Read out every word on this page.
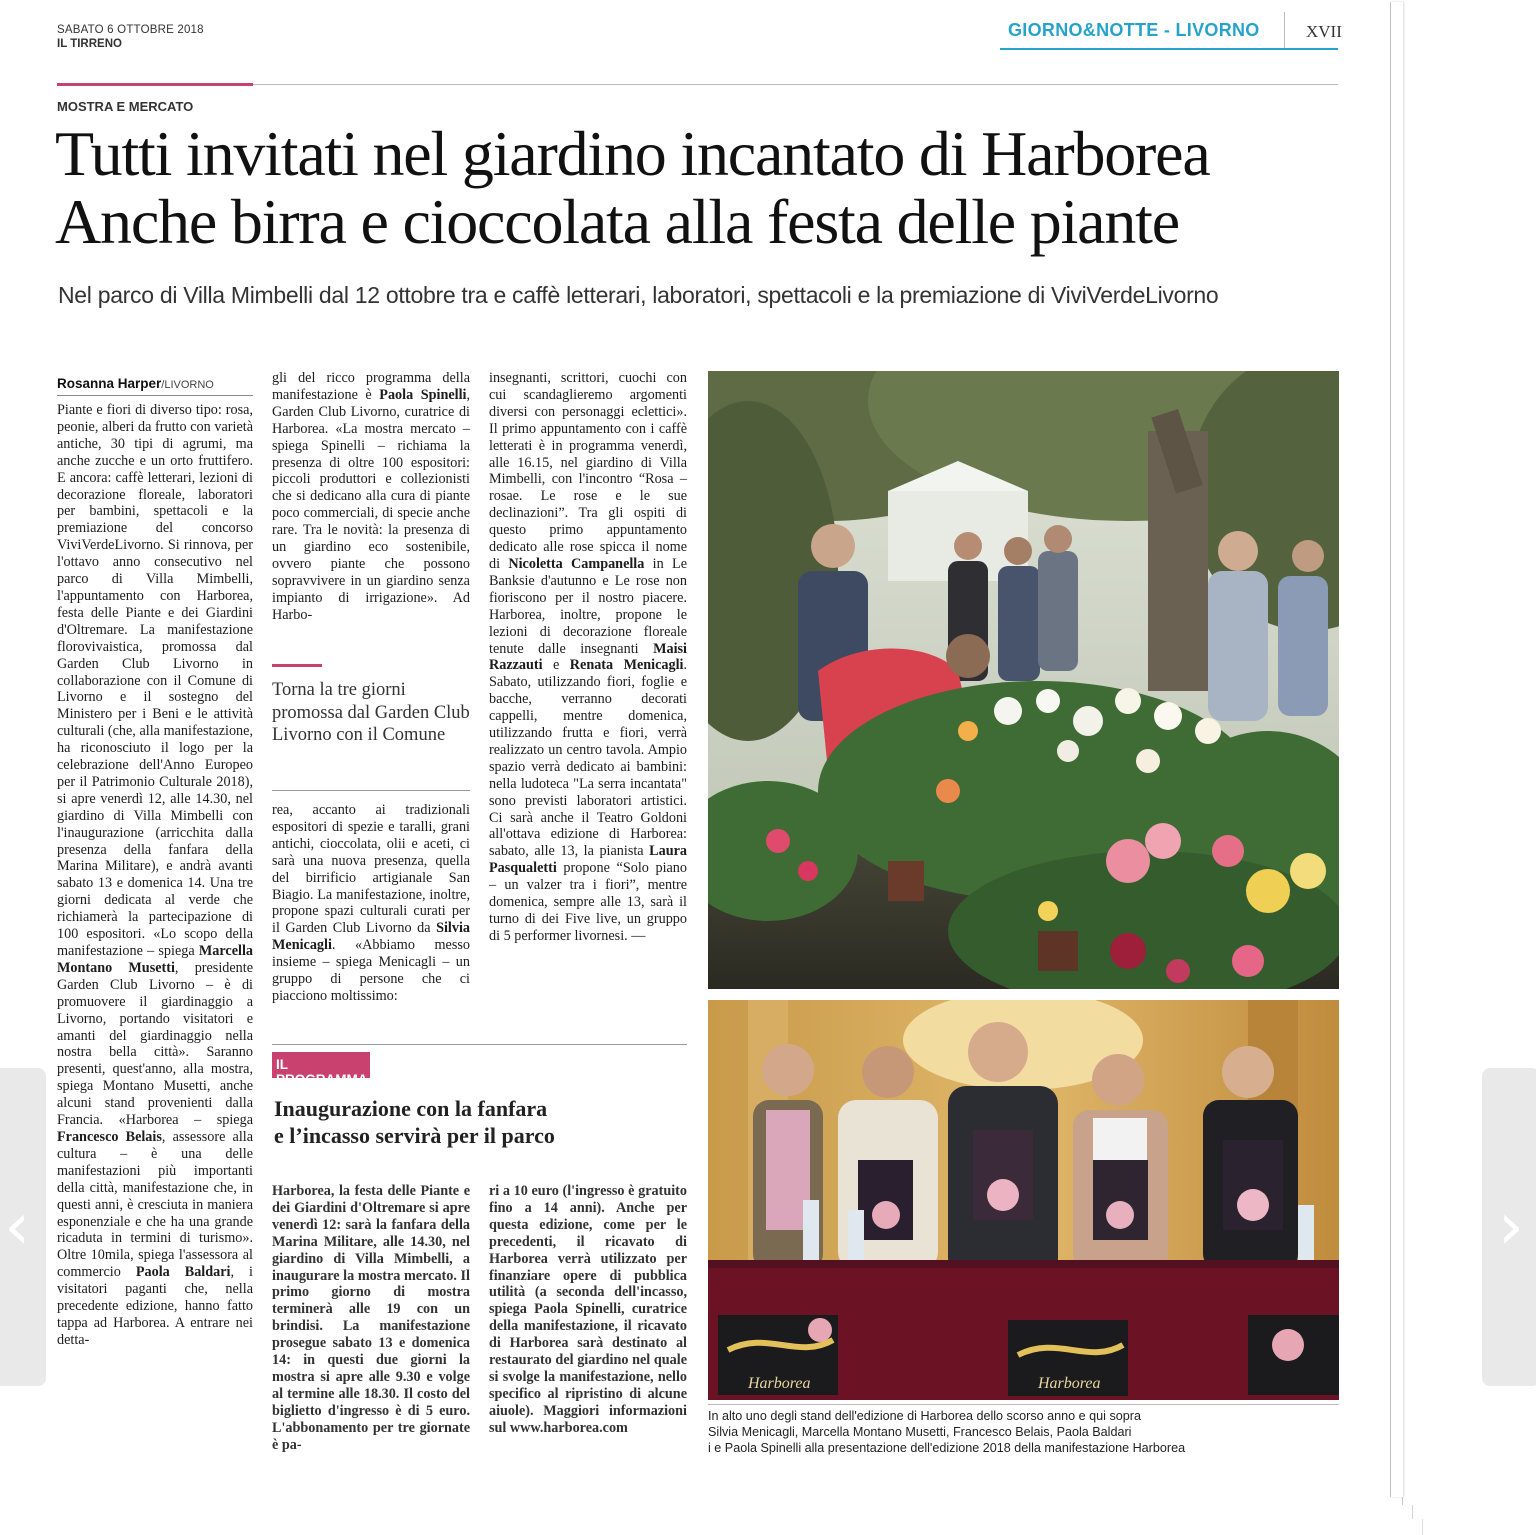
SABATO 6 OTTOBRE 2018
IL TIRRENO
GIORNO&NOTTE - LIVORNO	XVII
MOSTRA E MERCATO
Tutti invitati nel giardino incantato di Harborea
Anche birra e cioccolata alla festa delle piante
Nel parco di Villa Mimbelli dal 12 ottobre tra e caffè letterari, laboratori, spettacoli e la premiazione di ViviVerdeLivorno
Rosanna Harper/LIVORNO

Piante e fiori di diverso tipo: rosa, peonie, alberi da frutto con varietà antiche, 30 tipi di agrumi, ma anche zucche e un orto fruttifero. E ancora: caffè letterari, lezioni di decorazione floreale, laboratori per bambini, spettacoli e la premiazione del concorso ViviVerdeLivorno. Si rinnova, per l'ottavo anno consecutivo nel parco di Villa Mimbelli, l'appuntamento con Harborea, festa delle Piante e dei Giardini d'Oltremare. La manifestazione florovivaistica, promossa dal Garden Club Livorno in collaborazione con il Comune di Livorno e il sostegno del Ministero per i Beni e le attività culturali (che, alla manifestazione, ha riconosciuto il logo per la celebrazione dell'Anno Europeo per il Patrimonio Culturale 2018), si apre venerdì 12, alle 14.30, nel giardino di Villa Mimbelli con l'inaugurazione (arricchita dalla presenza della fanfara della Marina Militare), e andrà avanti sabato 13 e domenica 14. Una tre giorni dedicata al verde che richiamerà la partecipazione di 100 espositori. «Lo scopo della manifestazione – spiega Marcella Montano Musetti, presidente Garden Club Livorno – è di promuovere il giardinaggio a Livorno, portando visitatori e amanti del giardinaggio nella nostra bella città». Saranno presenti, quest'anno, alla mostra, spiega Montano Musetti, anche alcuni stand provenienti dalla Francia. «Harborea – spiega Francesco Belais, assessore alla cultura – è una delle manifestazioni più importanti della città, manifestazione che, in questi anni, è cresciuta in maniera esponenziale e che ha una grande ricaduta in termini di turismo». Oltre 10mila, spiega l'assessora al commercio Paola Baldari, i visitatori paganti che, nella precedente edizione, hanno fatto tappa ad Harborea. A entrare nei detta-

gli del ricco programma della manifestazione è Paola Spinelli, Garden Club Livorno, curatrice di Harborea. «La mostra mercato – spiega Spinelli – richiama la presenza di oltre 100 espositori: piccoli produttori e collezionisti che si dedicano alla cura di piante poco commerciali, di specie anche rare. Tra le novità: la presenza di un giardino eco sostenibile, ovvero piante che possono sopravvivere in un giardino senza impianto di irrigazione». Ad Harbo-

Torna la tre giorni promossa dal Garden Club Livorno con il Comune

rea, accanto ai tradizionali espositori di spezie e taralli, grani antichi, cioccolata, olii e aceti, ci sarà una nuova presenza, quella del birrificio artigianale San Biagio. La manifestazione, inoltre, propone spazi culturali curati per il Garden Club Livorno da Silvia Menicagli. «Abbiamo messo insieme – spiega Menicagli – un gruppo di persone che ci piacciono moltissimo:

insegnanti, scrittori, cuochi con cui scandaglieremo argomenti diversi con personaggi eclettici». Il primo appuntamento con i caffè letterati è in programma venerdì, alle 16.15, nel giardino di Villa Mimbelli, con l'incontro “Rosa – rosae. Le rose e le sue declinazioni”. Tra gli ospiti di questo primo appuntamento dedicato alle rose spicca il nome di Nicoletta Campanella in Le Banksie d'autunno e Le rose non fioriscono per il nostro piacere. Harborea, inoltre, propone le lezioni di decorazione floreale tenute dalle insegnanti Maisi Razzauti e Renata Menicagli. Sabato, utilizzando fiori, foglie e bacche, verranno decorati cappelli, mentre domenica, utilizzando frutta e fiori, verrà realizzato un centro tavola. Ampio spazio verrà dedicato ai bambini: nella ludoteca "La serra incantata" sono previsti laboratori artistici. Ci sarà anche il Teatro Goldoni all'ottava edizione di Harborea: sabato, alle 13, la pianista Laura Pasqualetti propone “Solo piano – un valzer tra i fiori”, mentre domenica, sempre alle 13, sarà il turno di dei Five live, un gruppo di 5 performer livornesi. —

IL PROGRAMMA
Inaugurazione con la fanfara
e l’incasso servirà per il parco

Harborea, la festa delle Piante e dei Giardini d'Oltremare si apre venerdì 12: sarà la fanfara della Marina Militare, alle 14.30, nel giardino di Villa Mimbelli, a inaugurare la mostra mercato. Il primo giorno di mostra terminerà alle 19 con un brindisi. La manifestazione prosegue sabato 13 e domenica 14: in questi due giorni la mostra si apre alle 9.30 e volge al termine alle 18.30. Il costo del biglietto d'ingresso è di 5 euro. L'abbonamento per tre giornate è pa-

ri a 10 euro (l'ingresso è gratuito fino a 14 anni). Anche per questa edizione, come per le precedenti, il ricavato di Harborea verrà utilizzato per finanziare opere di pubblica utilità (a seconda dell'incasso, spiega Paola Spinelli, curatrice della manifestazione, il ricavato di Harborea sarà destinato al restaurato del giardino nel quale si svolge la manifestazione, nello specifico al ripristino di alcune aiuole). Maggiori informazioni sul www.harborea.com

Harborea	Harborea
In alto uno degli stand dell'edizione di Harborea dello scorso anno e qui sopra
Silvia Menicagli, Marcella Montano Musetti, Francesco Belais, Paola Baldari
i e Paola Spinelli alla presentazione dell'edizione 2018 della manifestazione Harborea
‹	›
